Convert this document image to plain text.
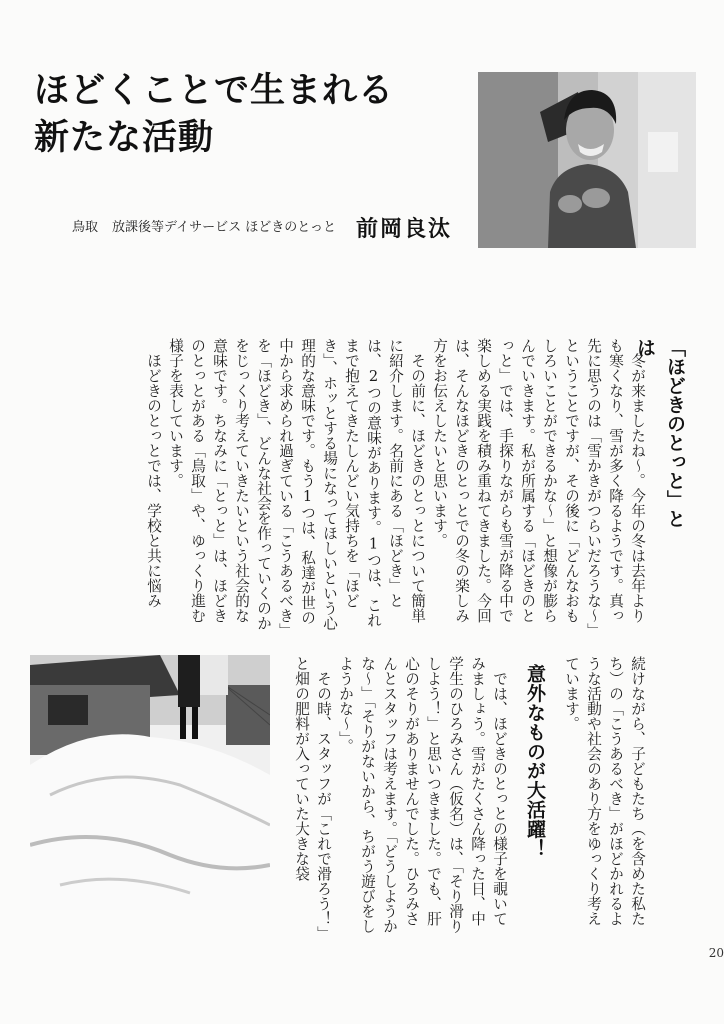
ほどくことで生まれる
新たな活動
鳥取 放課後等デイサービス ほどきのとっと 前岡良汰
「ほどきのとっと」とは

冬が来ましたね〜。今年の冬は去年よりも寒くなり、雪が多く降るようです。真っ先に思うのは「雪かきがつらいだろうな〜」ということですが、その後に「どんなおもしろいことができるかな〜」と想像が膨らんでいきます。私が所属する「ほどきのとっと」では、手探りながらも雪が降る中で楽しめる実践を積み重ねてきました。今回は、そんなほどきのとっとでの冬の楽しみ方をお伝えしたいと思います。

その前に、ほどきのとっとについて簡単に紹介します。名前にある「ほどき」とは、2つの意味があります。1つは、これまで抱えてきたしんどい気持ちを「ほどき」、ホッとする場になってほしいという心理的な意味です。もう1つは、私達が世の中から求められ過ぎている「こうあるべき」を「ほどき」、どんな社会を作っていくのかをじっくり考えていきたいという社会的な意味です。ちなみに「とっと」は、ほどきのとっとがある「鳥取」や、ゆっくり進む様子を表しています。

ほどきのとっとでは、学校と共に悩み

続けながら、子どもたち（を含めた私たち）の「こうあるべき」がほどかれるような活動や社会のあり方をゆっくり考えています。

意外なものが大活躍！

では、ほどきのとっとの様子を覗いてみましょう。雪がたくさん降った日、中学生のひろみさん（仮名）は、「そり滑りしよう！」と思いつきました。でも、肝心のそりがありませんでした。ひろみさんとスタッフは考えます。「どうしようかな〜」「そりがないから、ちがう遊びをしようかな〜」。

その時、スタッフが「これで滑ろう！」と畑の肥料が入っていた大きな袋

20
